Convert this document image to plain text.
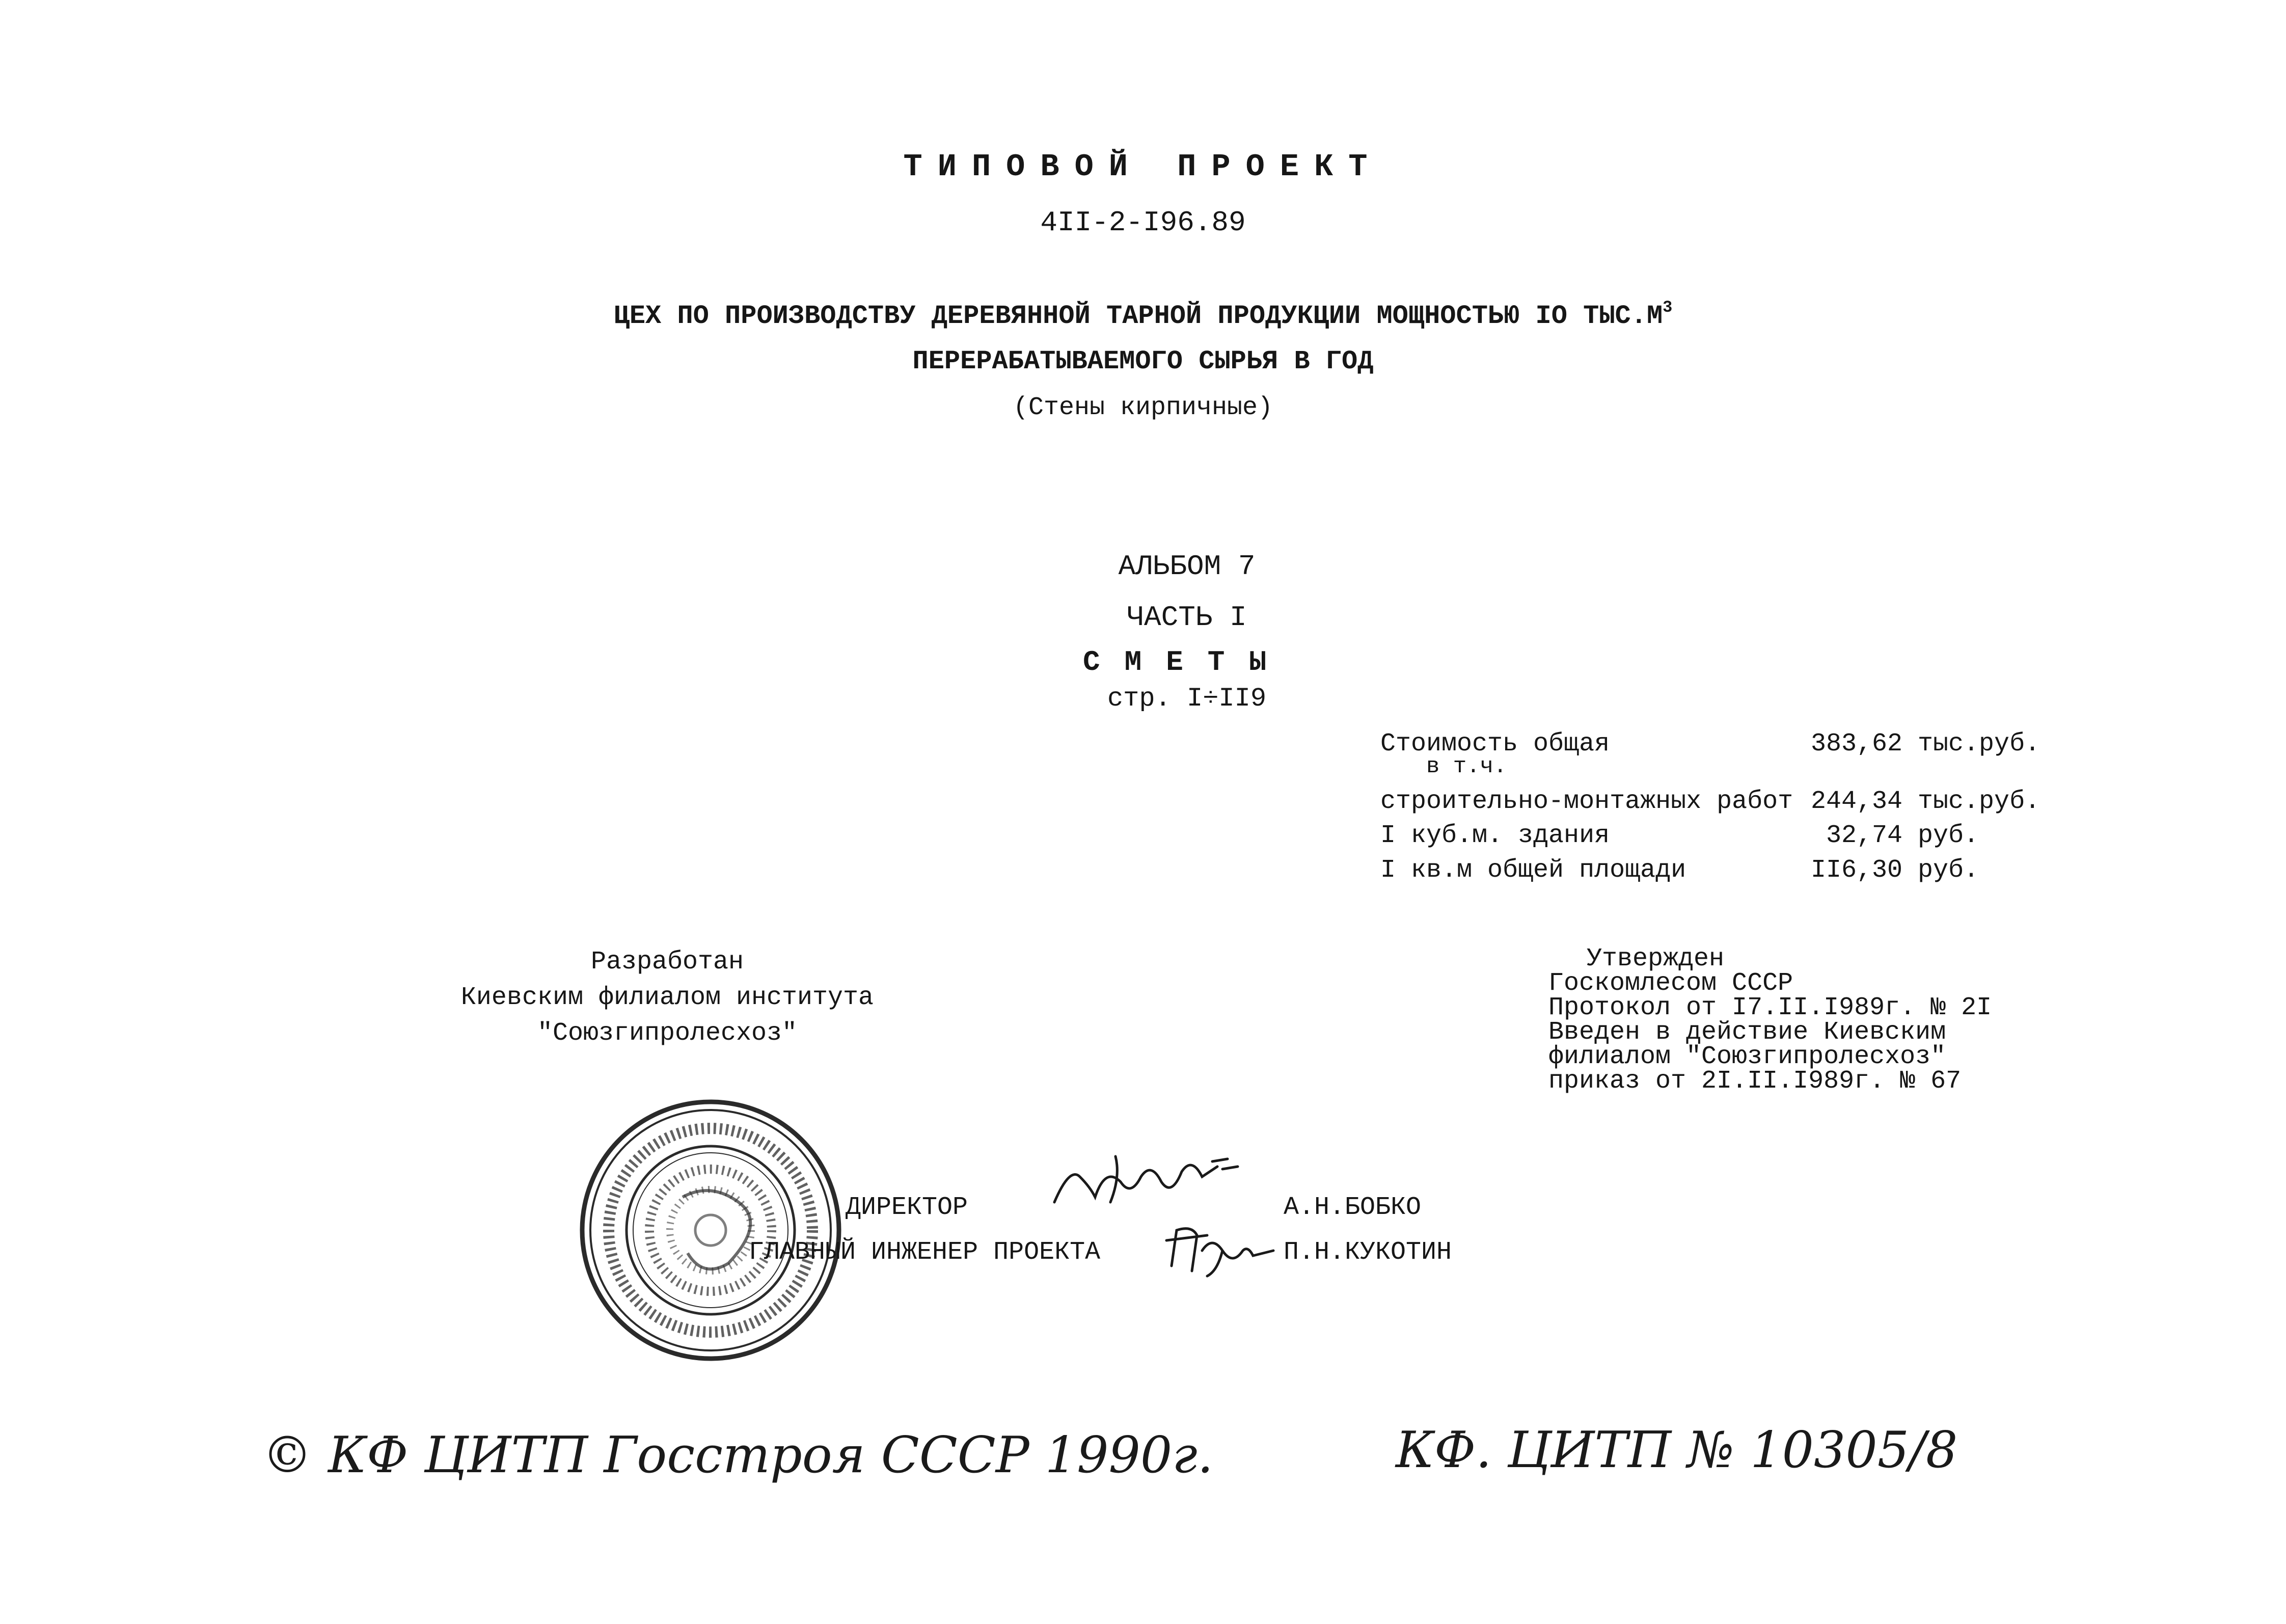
ТИПОВОЙ ПРОЕКТ
4II-2-I96.89
ЦЕХ ПО ПРОИЗВОДСТВУ ДЕРЕВЯННОЙ ТАРНОЙ ПРОДУКЦИИ МОЩНОСТЬЮ IO $ТЫС.М^3$
ПЕРЕРАБАТЫВАЕМОГО СЫРЬЯ В ГОД
(Стены кирпичные)
АЛЬБОМ 7
ЧАСТЬ I
СМЕТЫ
стр. I÷II9
Стоимость общая	383,62 тыс.руб.
в т.ч.
строительно-монтажных работ 244,34 тыс.руб.
I куб.м. здания	32,74 руб.
I кв.м общей площади	II6,30 руб.
Разработан
Киевским филиалом института
"Союзгипролесхоз"
Утвержден
Госкомлесом СССР
Протокол от I7.II.I989г. № 2I
Введен в действие Киевским
филиалом "Союзгипролесхоз"
приказ от 2I.II.I989г. № 67
ДИРЕКТОР	А.Н.БОБКО
ГЛАВНЫЙ ИНЖЕНЕР ПРОЕКТА	П.Н.КУКОТИН
© КФ ЦИТП Госстроя СССР 1990г.	КФ. ЦИТП № 10305/8
